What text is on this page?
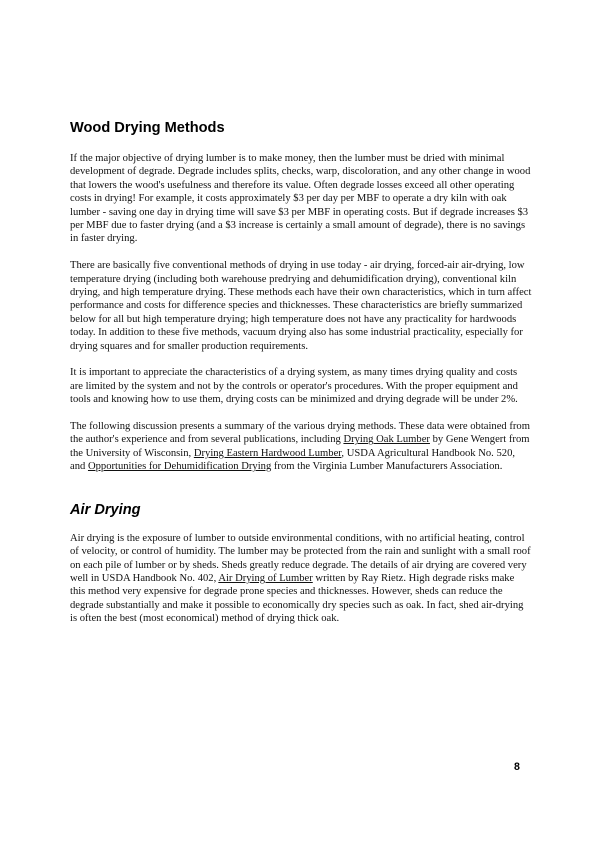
Wood Drying Methods

If the major objective of drying lumber is to make money, then the lumber must be dried with minimal development of degrade. Degrade includes splits, checks, warp, discoloration, and any other change in wood that lowers the wood's usefulness and therefore its value. Often degrade losses exceed all other operating costs in drying! For example, it costs approximately $3 per day per MBF to operate a dry kiln with oak lumber - saving one day in drying time will save $3 per MBF in operating costs. But if degrade increases $3 per MBF due to faster drying (and a $3 increase is certainly a small amount of degrade), there is no savings in faster drying.

There are basically five conventional methods of drying in use today - air drying, forced-air air-drying, low temperature drying (including both warehouse predrying and dehumidification drying), conventional kiln drying, and high temperature drying. These methods each have their own characteristics, which in turn affect performance and costs for difference species and thicknesses. These characteristics are briefly summarized below for all but high temperature drying; high temperature does not have any practicality for hardwoods today. In addition to these five methods, vacuum drying also has some industrial practicality, especially for drying squares and for smaller production requirements.

It is important to appreciate the characteristics of a drying system, as many times drying quality and costs are limited by the system and not by the controls or operator's procedures. With the proper equipment and tools and knowing how to use them, drying costs can be minimized and drying degrade will be under 2%.

The following discussion presents a summary of the various drying methods. These data were obtained from the author's experience and from several publications, including Drying Oak Lumber by Gene Wengert from the University of Wisconsin, Drying Eastern Hardwood Lumber, USDA Agricultural Handbook No. 520, and Opportunities for Dehumidification Drying from the Virginia Lumber Manufacturers Association.

Air Drying

Air drying is the exposure of lumber to outside environmental conditions, with no artificial heating, control of velocity, or control of humidity. The lumber may be protected from the rain and sunlight with a small roof on each pile of lumber or by sheds. Sheds greatly reduce degrade. The details of air drying are covered very well in USDA Handbook No. 402, Air Drying of Lumber written by Ray Rietz. High degrade risks make this method very expensive for degrade prone species and thicknesses. However, sheds can reduce the degrade substantially and make it possible to economically dry species such as oak. In fact, shed air-drying is often the best (most economical) method of drying thick oak.

8
